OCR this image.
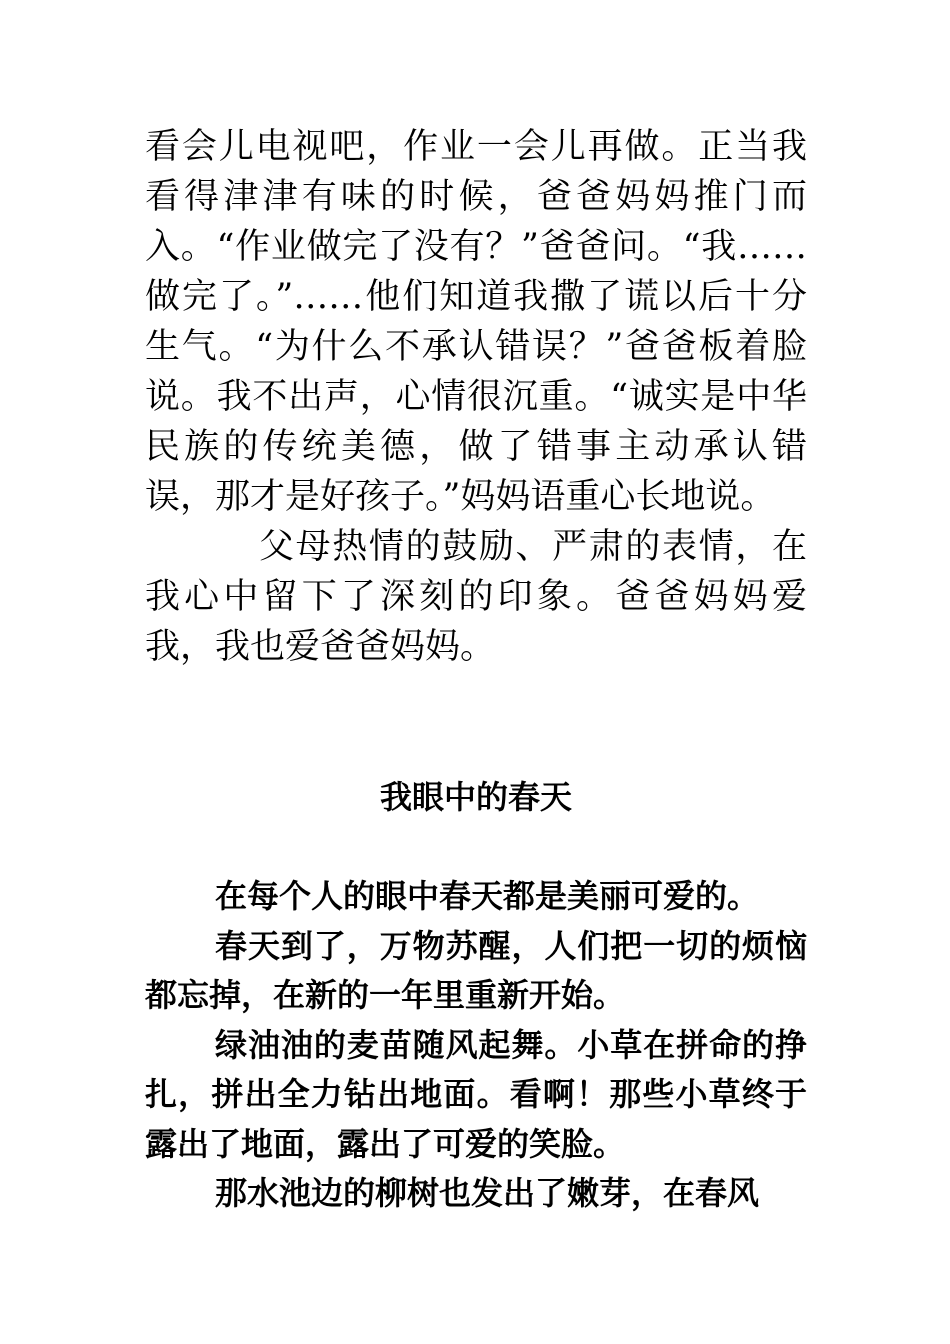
看会儿电视吧，作业一会儿再做。正当我看得津津有味的时候，爸爸妈妈推门而入。“作业做完了没有？”爸爸问。“我……做完了。”……他们知道我撒了谎以后十分生气。“为什么不承认错误？”爸爸板着脸说。我不出声，心情很沉重。“诚实是中华民族的传统美德，做了错事主动承认错误，那才是好孩子。”妈妈语重心长地说。

父母热情的鼓励、严肃的表情，在我心中留下了深刻的印象。爸爸妈妈爱我，我也爱爸爸妈妈。

我眼中的春天

在每个人的眼中春天都是美丽可爱的。

春天到了，万物苏醒，人们把一切的烦恼都忘掉，在新的一年里重新开始。

绿油油的麦苗随风起舞。小草在拼命的挣扎，拼出全力钻出地面。看啊！那些小草终于露出了地面，露出了可爱的笑脸。

那水池边的柳树也发出了嫩芽，在春风
